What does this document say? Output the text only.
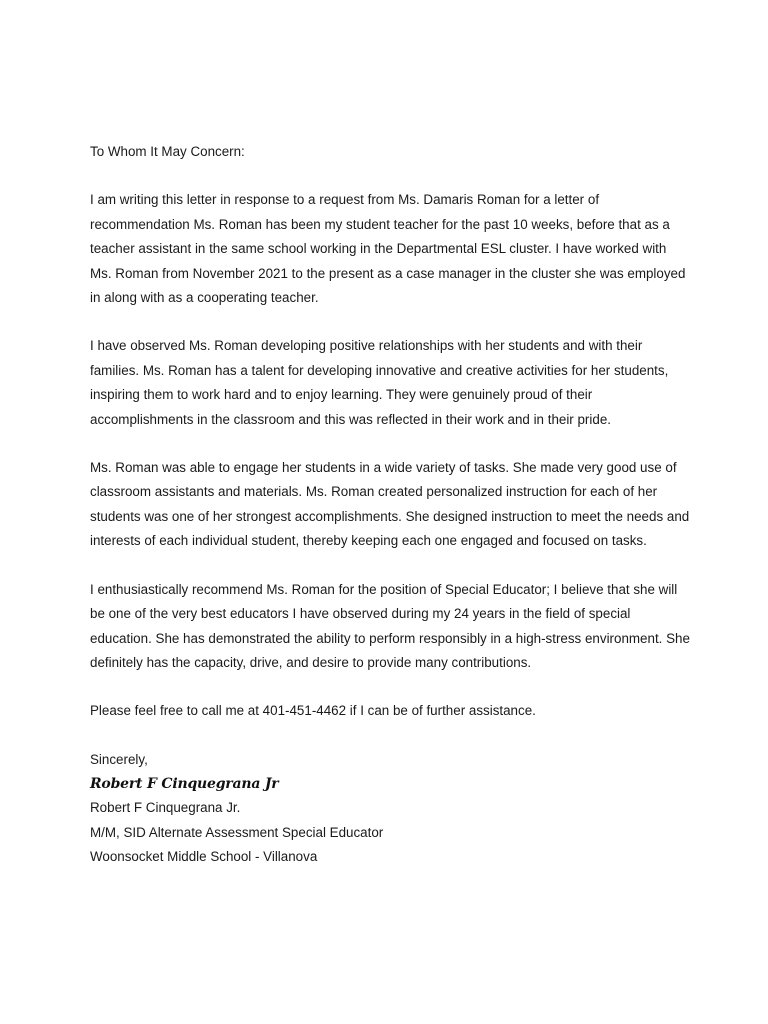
To Whom It May Concern:

I am writing this letter in response to a request from Ms. Damaris Roman for a letter of recommendation Ms. Roman has been my student teacher for the past 10 weeks, before that as a teacher assistant in the same school working in the Departmental ESL cluster. I have worked with Ms. Roman from November 2021 to the present as a case manager in the cluster she was employed in along with as a cooperating teacher.

I have observed Ms. Roman developing positive relationships with her students and with their families. Ms. Roman has a talent for developing innovative and creative activities for her students, inspiring them to work hard and to enjoy learning. They were genuinely proud of their accomplishments in the classroom and this was reflected in their work and in their pride.

Ms. Roman was able to engage her students in a wide variety of tasks. She made very good use of classroom assistants and materials. Ms. Roman created personalized instruction for each of her students was one of her strongest accomplishments. She designed instruction to meet the needs and interests of each individual student, thereby keeping each one engaged and focused on tasks.

I enthusiastically recommend Ms. Roman for the position of Special Educator; I believe that she will be one of the very best educators I have observed during my 24 years in the field of special education. She has demonstrated the ability to perform responsibly in a high-stress environment. She definitely has the capacity, drive, and desire to provide many contributions.

Please feel free to call me at 401-451-4462 if I can be of further assistance.

Sincerely,

Robert F Cinquegrana Jr

Robert F Cinquegrana Jr.

M/M, SID Alternate Assessment Special Educator

Woonsocket Middle School - Villanova
